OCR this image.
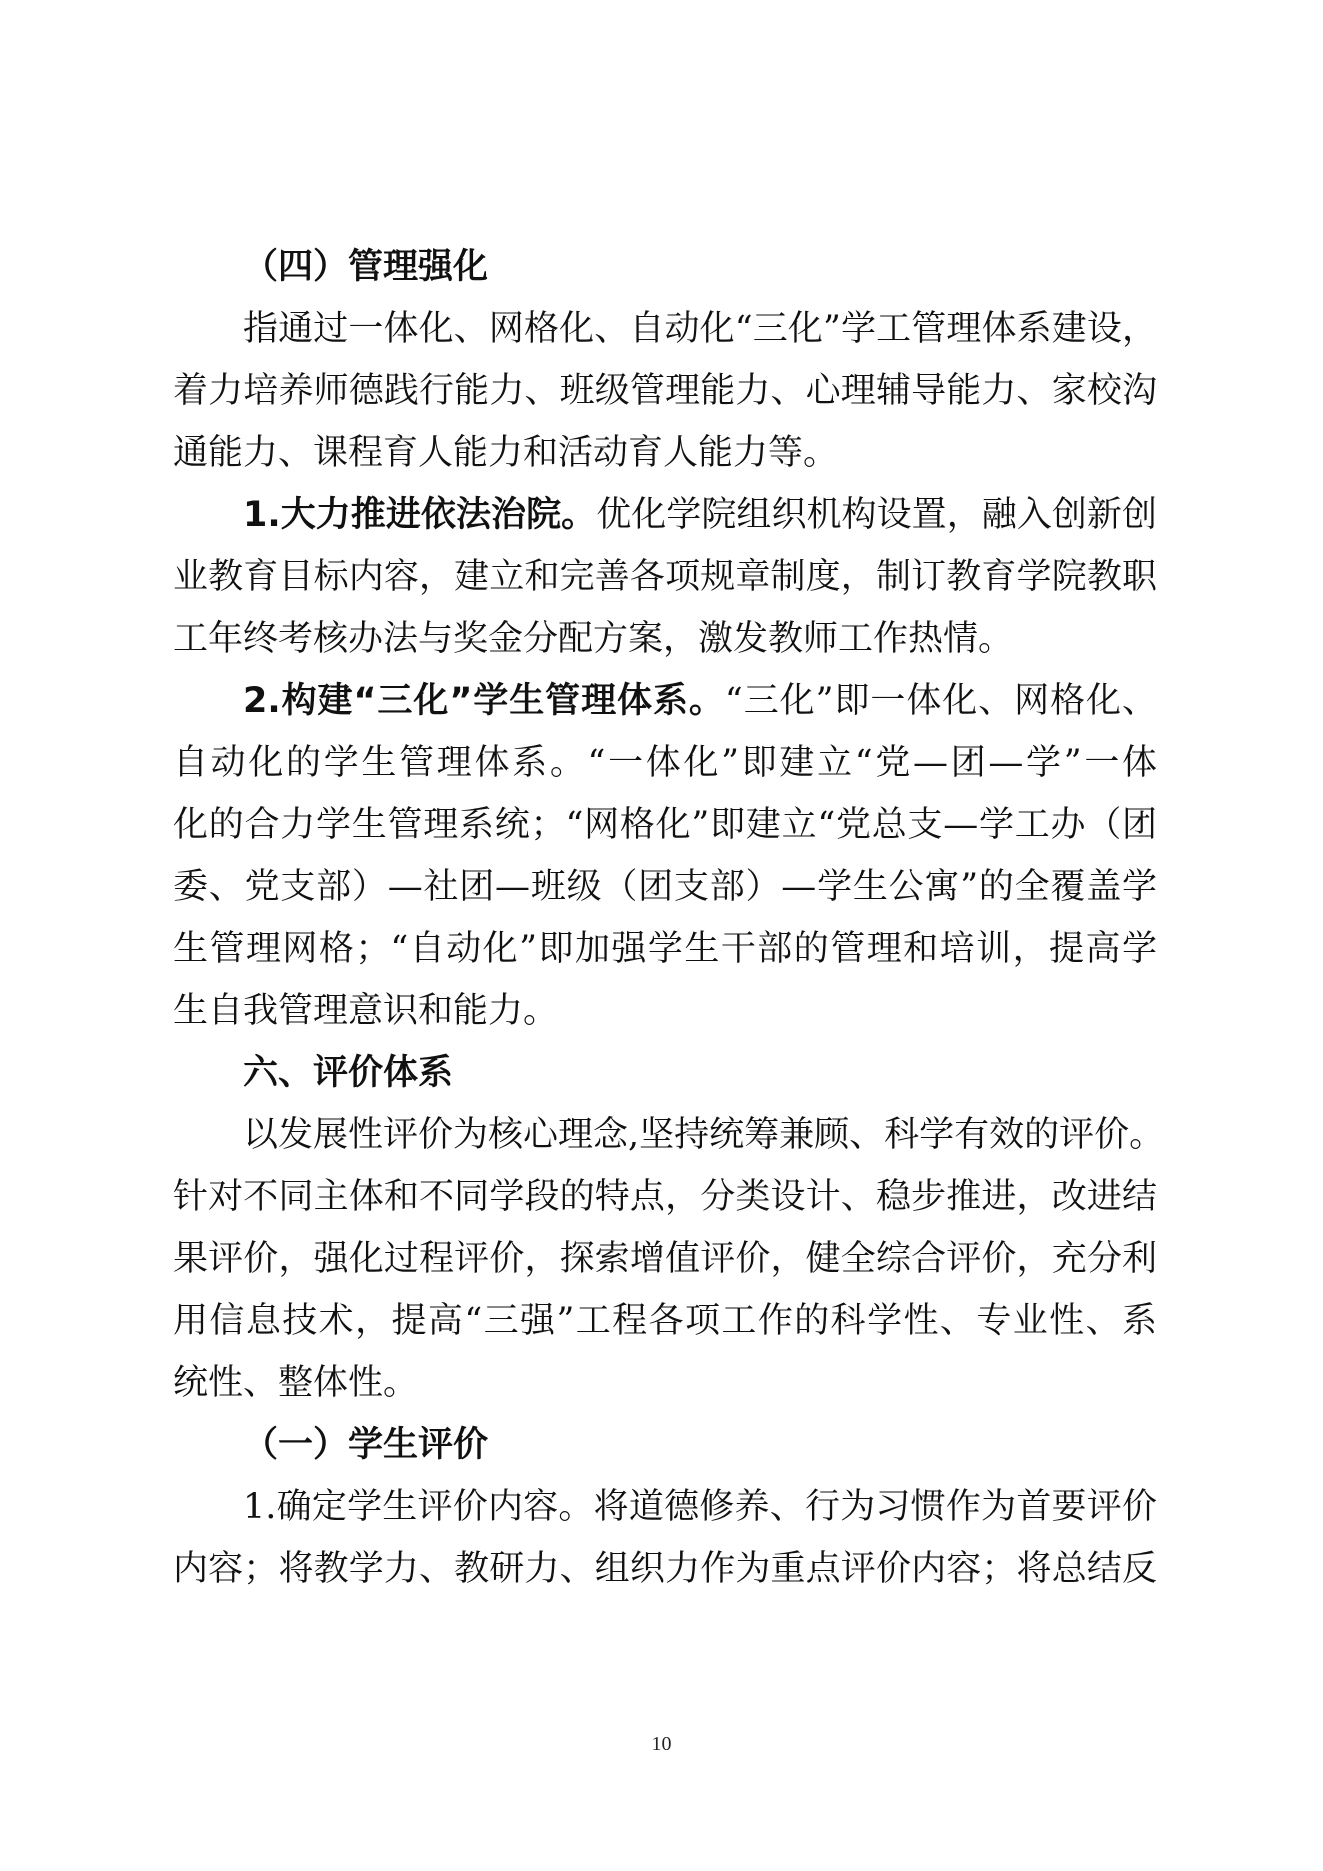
（四）管理强化
指通过一体化、网格化、自动化“三化”学工管理体系建设，
着力培养师德践行能力、班级管理能力、心理辅导能力、家校沟
通能力、课程育人能力和活动育人能力等。
1.大力推进依法治院。优化学院组织机构设置，融入创新创
业教育目标内容，建立和完善各项规章制度，制订教育学院教职
工年终考核办法与奖金分配方案，激发教师工作热情。
2.构建“三化”学生管理体系。“三化”即一体化、网格化、
自动化的学生管理体系。“一体化”即建立“党—团—学”一体
化的合力学生管理系统；“网格化”即建立“党总支—学工办（团
委、党支部）—社团—班级（团支部）—学生公寓”的全覆盖学
生管理网格；“自动化”即加强学生干部的管理和培训，提高学
生自我管理意识和能力。
六、评价体系
以发展性评价为核心理念,坚持统筹兼顾、科学有效的评价。
针对不同主体和不同学段的特点，分类设计、稳步推进，改进结
果评价，强化过程评价，探索增值评价，健全综合评价，充分利
用信息技术，提高“三强”工程各项工作的科学性、专业性、系
统性、整体性。
（一）学生评价
1.确定学生评价内容。将道德修养、行为习惯作为首要评价
内容；将教学力、教研力、组织力作为重点评价内容；将总结反
10
